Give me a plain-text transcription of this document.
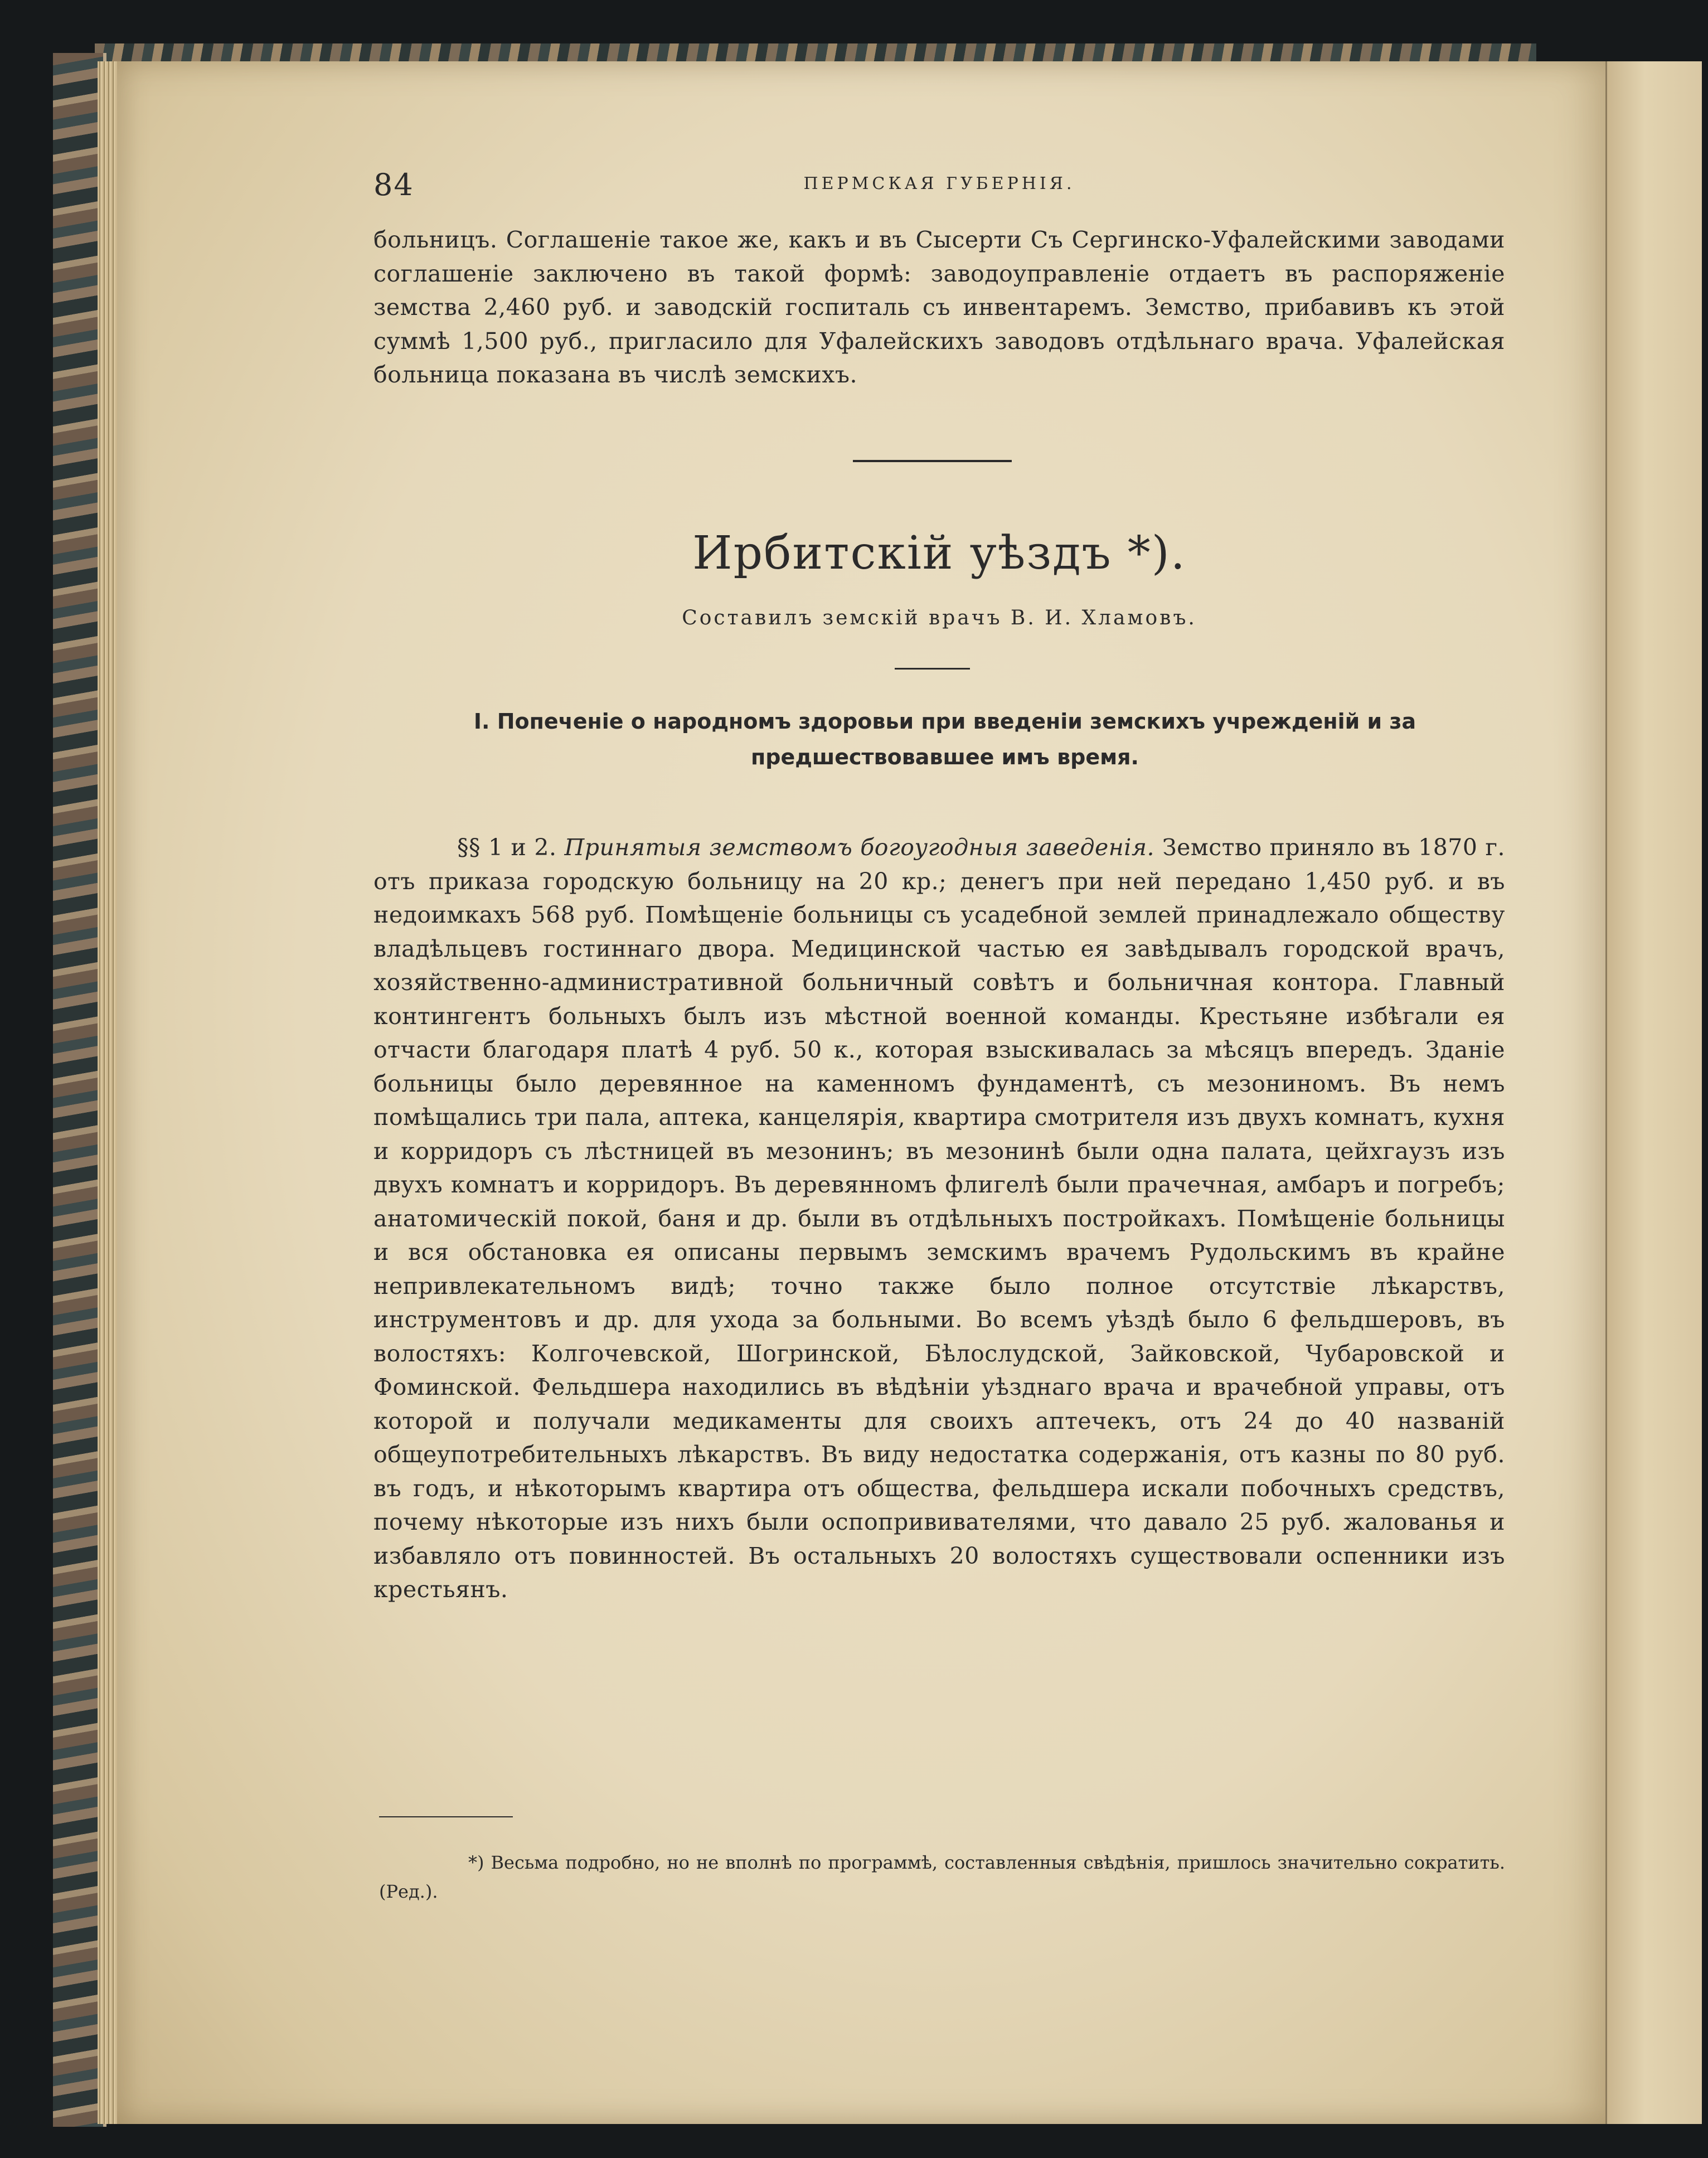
84	ПЕРМСКАЯ ГУБЕРНІЯ.

больницъ. Соглашеніе такое же, какъ и въ Сысерти Съ Сергинско-Уфалейскими заводами соглашеніе заключено въ такой формѣ: заводоуправленіе отдаетъ въ распоряженіе земства 2,460 руб. и заводскій госпиталь съ инвентаремъ. Земство, прибавивъ къ этой суммѣ 1,500 руб., пригласило для Уфалейскихъ заводовъ отдѣльнаго врача. Уфалейская больница показана въ числѣ земскихъ.

Ирбитскій уѣздъ *).
Составилъ земскій врачъ В. И. Хламовъ.
I. Попеченіе о народномъ здоровьи при введеніи земскихъ учрежденій и за предшествовавшее имъ время.

§§ 1 и 2. Принятыя земствомъ богоугодныя заведенія. Земство приняло въ 1870 г. отъ приказа городскую больницу на 20 кр.; денегъ при ней передано 1,450 руб. и въ недоимкахъ 568 руб. Помѣщеніе больницы съ усадебной землей принадлежало обществу владѣльцевъ гостиннаго двора. Медицинской частью ея завѣдывалъ городской врачъ, хозяйственно-административной больничный совѣтъ и больничная контора. Главный контингентъ больныхъ былъ изъ мѣстной военной команды. Крестьяне избѣгали ея отчасти благодаря платѣ 4 руб. 50 к., которая взыскивалась за мѣсяцъ впередъ. Зданіе больницы было деревянное на каменномъ фундаментѣ, съ мезониномъ. Въ немъ помѣщались три пала, аптека, канцелярія, квартира смотрителя изъ двухъ комнатъ, кухня и корридоръ съ лѣстницей въ мезонинъ; въ мезонинѣ были одна палата, цейхгаузъ изъ двухъ комнатъ и корридоръ. Въ деревянномъ флигелѣ были прачечная, амбаръ и погребъ; анатомическій покой, баня и др. были въ отдѣльныхъ постройкахъ. Помѣщеніе больницы и вся обстановка ея описаны первымъ земскимъ врачемъ Рудольскимъ въ крайне непривлекательномъ видѣ; точно также было полное отсутствіе лѣкарствъ, инструментовъ и др. для ухода за больными. Во всемъ уѣздѣ было 6 фельдшеровъ, въ волостяхъ: Колгочевской, Шогринской, Бѣлослудской, Зайковской, Чубаровской и Фоминской. Фельдшера находились въ вѣдѣніи уѣзднаго врача и врачебной управы, отъ которой и получали медикаменты для своихъ аптечекъ, отъ 24 до 40 названій общеупотребительныхъ лѣкарствъ. Въ виду недостатка содержанія, отъ казны по 80 руб. въ годъ, и нѣкоторымъ квартира отъ общества, фельдшера искали побочныхъ средствъ, почему нѣкоторые изъ нихъ были оспопрививателями, что давало 25 руб. жалованья и избавляло отъ повинностей. Въ остальныхъ 20 волостяхъ существовали оспенники изъ крестьянъ.

*) Весьма подробно, но не вполнѣ по программѣ, составленныя свѣдѣнія, пришлось значительно сократить. (Ред.).
